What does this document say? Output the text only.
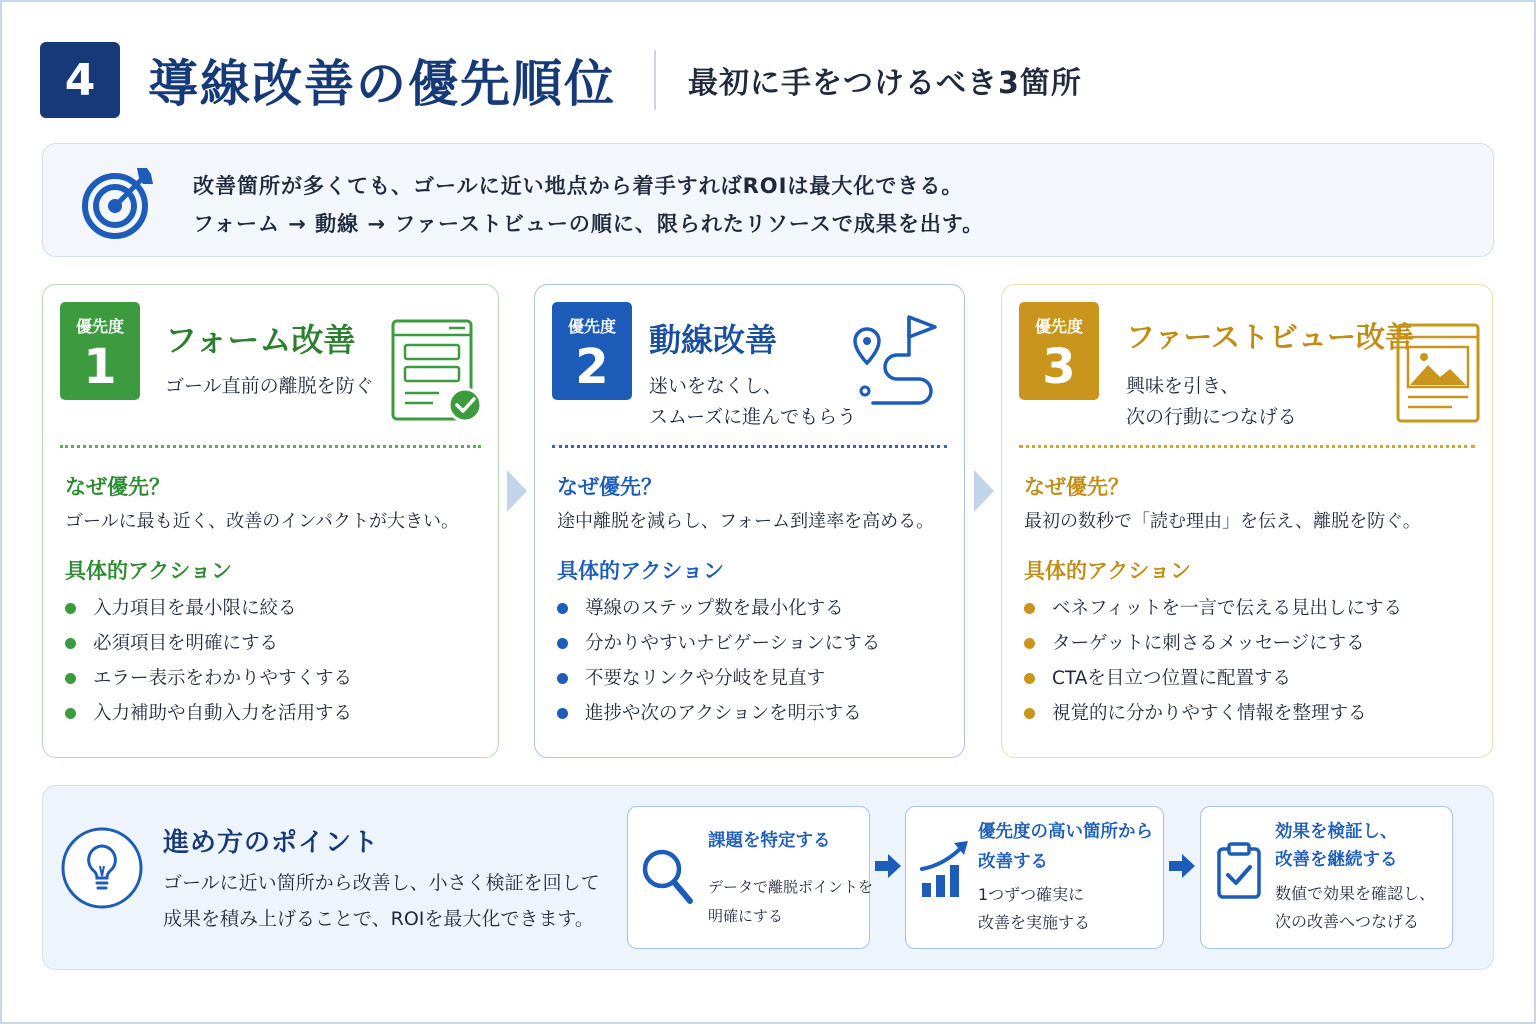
4	導線改善の優先順位 最初に手をつけるべき3箇所
改善箇所が多くても、ゴールに近い地点から着手すればROIは最大化できる。
フォーム → 動線 → ファーストビューの順に、限られたリソースで成果を出す。
優先度
1	フォーム改善
ゴール直前の離脱を防ぐ
なぜ優先？
ゴールに最も近く、改善のインパクトが大きい。
具体的アクション
入力項目を最小限に絞る
必須項目を明確にする
エラー表示をわかりやすくする
入力補助や自動入力を活用する
優先度
2	動線改善
迷いをなくし、
スムーズに進んでもらう
なぜ優先？
途中離脱を減らし、フォーム到達率を高める。
具体的アクション
導線のステップ数を最小化する
分かりやすいナビゲーションにする
不要なリンクや分岐を見直す
進捗や次のアクションを明示する
優先度
3
ファーストビュー改善
興味を引き、
次の行動につなげる
なぜ優先？
最初の数秒で「読む理由」を伝え、離脱を防ぐ。
具体的アクション
ベネフィットを一言で伝える見出しにする
ターゲットに刺さるメッセージにする
CTAを目立つ位置に配置する
視覚的に分かりやすく情報を整理する
進め方のポイント
ゴールに近い箇所から改善し、小さく検証を回して
成果を積み上げることで、ROIを最大化できます。
課題を特定する
データで離脱ポイントを
明確にする
優先度の高い箇所から
改善する
1つずつ確実に
改善を実施する
効果を検証し、
改善を継続する
数値で効果を確認し、
次の改善へつなげる
